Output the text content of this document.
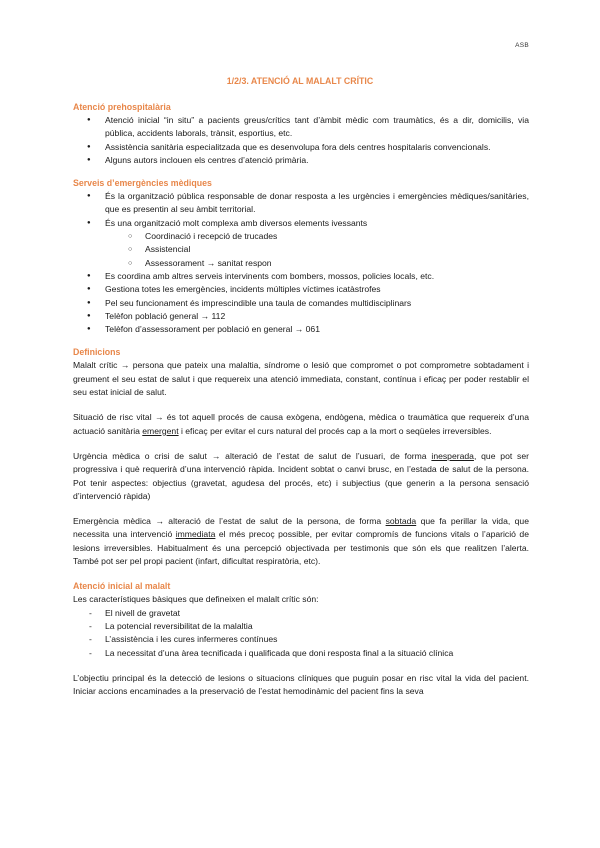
ASB
1/2/3. ATENCIÓ AL MALALT CRÍTIC
Atenció prehospitalària
● Atenció inicial “in situ” a pacients greus/crítics tant d’àmbit mèdic com traumàtics, és a dir, domicilis, via pública, accidents laborals, trànsit, esportius, etc.
● Assistència sanitària especialitzada que es desenvolupa fora dels centres hospitalaris convencionals.
● Alguns autors inclouen els centres d’atenció primària.
Serveis d’emergències mèdiques
● És la organització pública responsable de donar resposta a les urgències i emergències mèdiques/sanitàries, que es presentin al seu àmbit territorial.
● És una organització molt complexa amb diversos elements ivessants
○ Coordinació i recepció de trucades
○ Assistencial
○ Assessorament → sanitat respon
● Es coordina amb altres serveis intervinents com bombers, mossos, policies locals, etc.
● Gestiona totes les emergències, incidents múltiples víctimes icatàstrofes
● Pel seu funcionament és imprescindible una taula de comandes multidisciplinars
● Telèfon població general → 112
● Telèfon d’assessorament per població en general → 061
Definicions

Malalt crític → persona que pateix una malaltia, síndrome o lesió que compromet o pot comprometre sobtadament i greument el seu estat de salut i que requereix una atenció immediata, constant, contínua i eficaç per poder restablir el seu estat inicial de salut.

Situació de risc vital → és tot aquell procés de causa exògena, endògena, mèdica o traumàtica que requereix d’una actuació sanitària emergent i eficaç per evitar el curs natural del procés cap a la mort o seqüeles irreversibles.

Urgència mèdica o crisi de salut → alteració de l’estat de salut de l’usuari, de forma inesperada, que pot ser progressiva i què requerirà d’una intervenció ràpida. Incident sobtat o canvi brusc, en l’estada de salut de la persona. Pot tenir aspectes: objectius (gravetat, agudesa del procés, etc) i subjectius (que generin a la persona sensació d’intervenció ràpida)

Emergència mèdica → alteració de l’estat de salut de la persona, de forma sobtada que fa perillar la vida, que necessita una intervenció immediata el més precoç possible, per evitar compromís de funcions vitals o l’aparició de lesions irreversibles. Habitualment és una percepció objectivada per testimonis que són els que realitzen l’alerta. També pot ser pel propi pacient (infart, dificultat respiratòria, etc).

Atenció inicial al malalt

Les característiques bàsiques que defineixen el malalt crític són:

- El nivell de gravetat
- La potencial reversibilitat de la malaltia
- L’assistència i les cures infermeres contínues
- La necessitat d’una àrea tecnificada i qualificada que doni resposta final a la situació clínica

L’objectiu principal és la detecció de lesions o situacions clíniques que puguin posar en risc vital la vida del pacient. Iniciar accions encaminades a la preservació de l’estat hemodinàmic del pacient fins la seva
